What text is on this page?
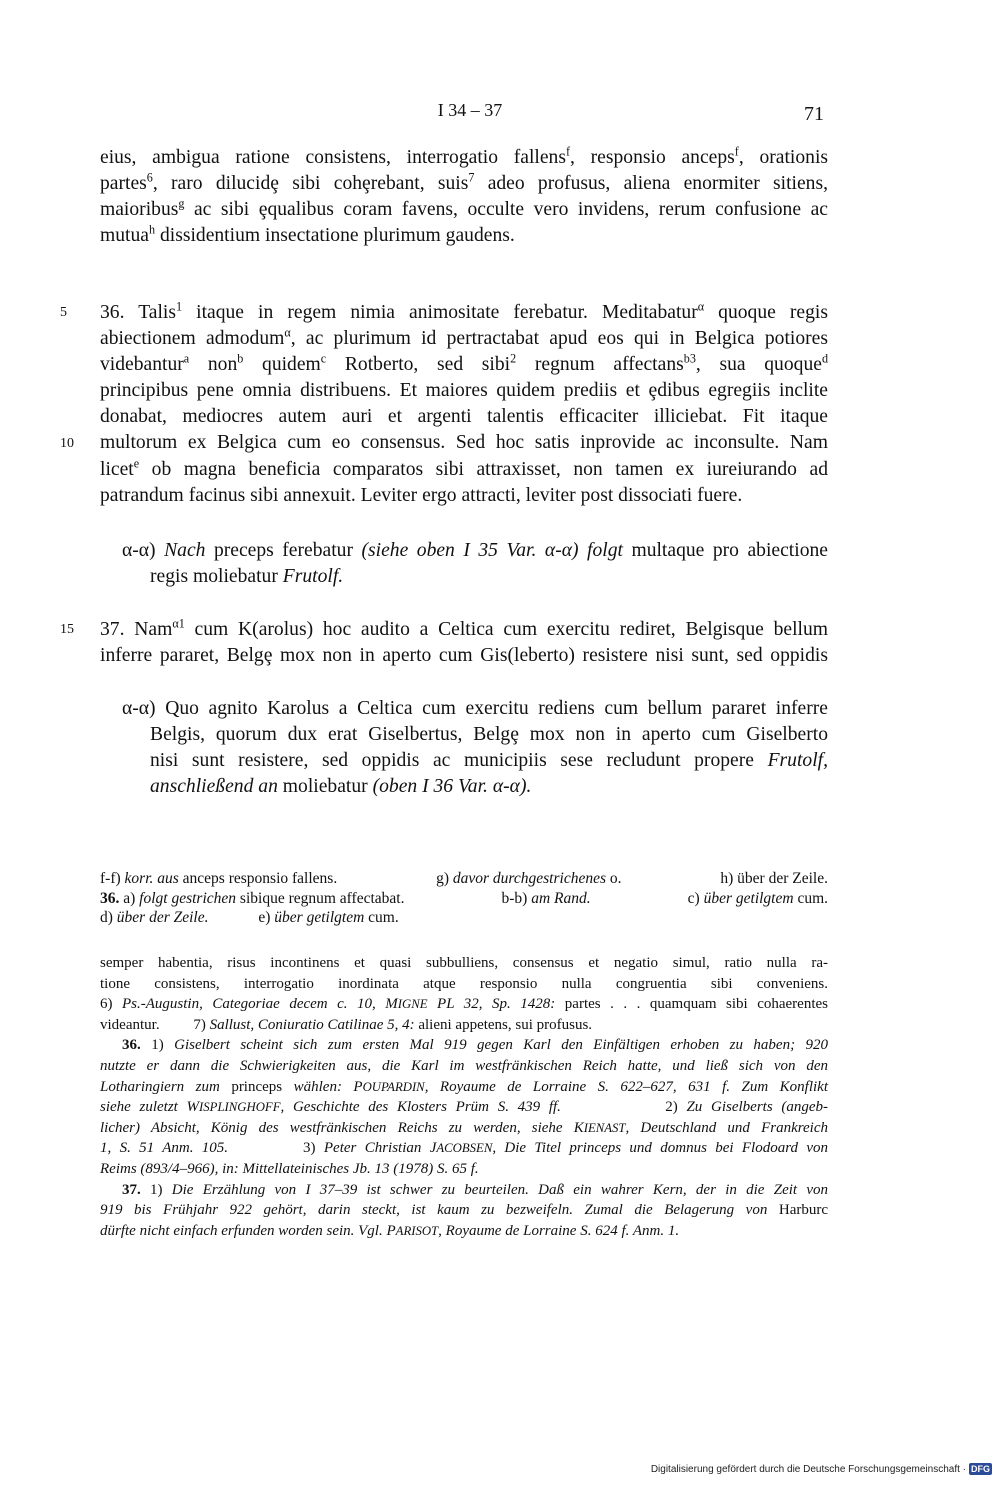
I 34 – 37	71
eius, ambigua ratione consistens, interrogatio fallens$^f$, responsio anceps$^f$, orationis
partes$^6$, raro dilucidȩ sibi cohȩrebant, suis$^7$ adeo profusus, aliena enormiter sitiens,
maioribus$^g$ ac sibi ȩqualibus coram favens, occulte vero invidens, rerum confusione ac
mutua$^h$ dissidentium insectatione plurimum gaudens.
5
10
15
36. Talis$^1$ itaque in regem nimia animositate ferebatur. Meditabatur$^\alpha$ quoque regis
abiectionem admodum$^\alpha$, ac plurimum id pertractabat apud eos qui in Belgica potiores
videbantur$^a$ non$^b$ quidem$^c$ Rotberto, sed sibi$^2$ regnum affectans$^{b3}$, sua quoque$^d$
principibus pene omnia distribuens. Et maiores quidem prediis et ȩdibus egregiis inclite
donabat, mediocres autem auri et argenti talentis efficaciter illiciebat. Fit itaque
multorum ex Belgica cum eo consensus. Sed hoc satis inprovide ac inconsulte. Nam
licet$^e$ ob magna beneficia comparatos sibi attraxisset, non tamen ex iureiurando ad
patrandum facinus sibi annexuit. Leviter ergo attracti, leviter post dissociati fuere.
α-α) Nach preceps ferebatur (siehe oben I 35 Var. α-α) folgt multaque pro abiectione
regis moliebatur Frutolf.
37. Nam$^{\alpha 1}$ cum K(arolus) hoc audito a Celtica cum exercitu rediret, Belgisque bellum
inferre pararet, Belgȩ mox non in aperto cum Gis(leberto) resistere nisi sunt, sed oppidis
α-α) Quo agnito Karolus a Celtica cum exercitu rediens cum bellum pararet inferre
Belgis, quorum dux erat Giselbertus, Belgȩ mox non in aperto cum Giselberto
nisi sunt resistere, sed oppidis ac municipiis sese recludunt propere Frutolf,
anschließend an moliebatur (oben I 36 Var. α-α).
f-f) korr. aus anceps responsio fallens.	g) davor durchgestrichenes o.	h) über der Zeile.
36. a) folgt gestrichen sibique regnum affectabat.	b-b) am Rand.	c) über getilgtem cum.
d) über der Zeile.	e) über getilgtem cum.
semper habentia, risus incontinens et quasi subbulliens, consensus et negatio simul, ratio nulla ra-
tione consistens, interrogatio inordinata atque responsio nulla congruentia sibi conveniens.
6) Ps.-Augustin, Categoriae decem c. 10, MIGNE PL 32, Sp. 1428: partes . . . quamquam sibi cohaerentes
videantur.         7) Sallust, Coniuratio Catilinae 5, 4: alieni appetens, sui profusus.
36. 1) Giselbert scheint sich zum ersten Mal 919 gegen Karl den Einfältigen erhoben zu haben; 920
nutzte er dann die Schwierigkeiten aus, die Karl im westfränkischen Reich hatte, und ließ sich von den
Lotharingiern zum princeps wählen: POUPARDIN, Royaume de Lorraine S. 622–627, 631 f. Zum Konflikt
siehe zuletzt WISPLINGHOFF, Geschichte des Klosters Prüm S. 439 ff.            2) Zu Giselberts (angeb-
licher) Absicht, König des westfränkischen Reichs zu werden, siehe KIENAST, Deutschland und Frankreich
1, S. 51 Anm. 105.         3) Peter Christian JACOBSEN, Die Titel princeps und domnus bei Flodoard von
Reims (893/4–966), in: Mittellateinisches Jb. 13 (1978) S. 65 f.
37. 1) Die Erzählung von I 37–39 ist schwer zu beurteilen. Daß ein wahrer Kern, der in die Zeit von
919 bis Frühjahr 922 gehört, darin steckt, ist kaum zu bezweifeln. Zumal die Belagerung von Harburc
dürfte nicht einfach erfunden worden sein. Vgl. PARISOT, Royaume de Lorraine S. 624 f. Anm. 1.
Digitalisierung gefördert durch die Deutsche Forschungsgemeinschaft · DFG
